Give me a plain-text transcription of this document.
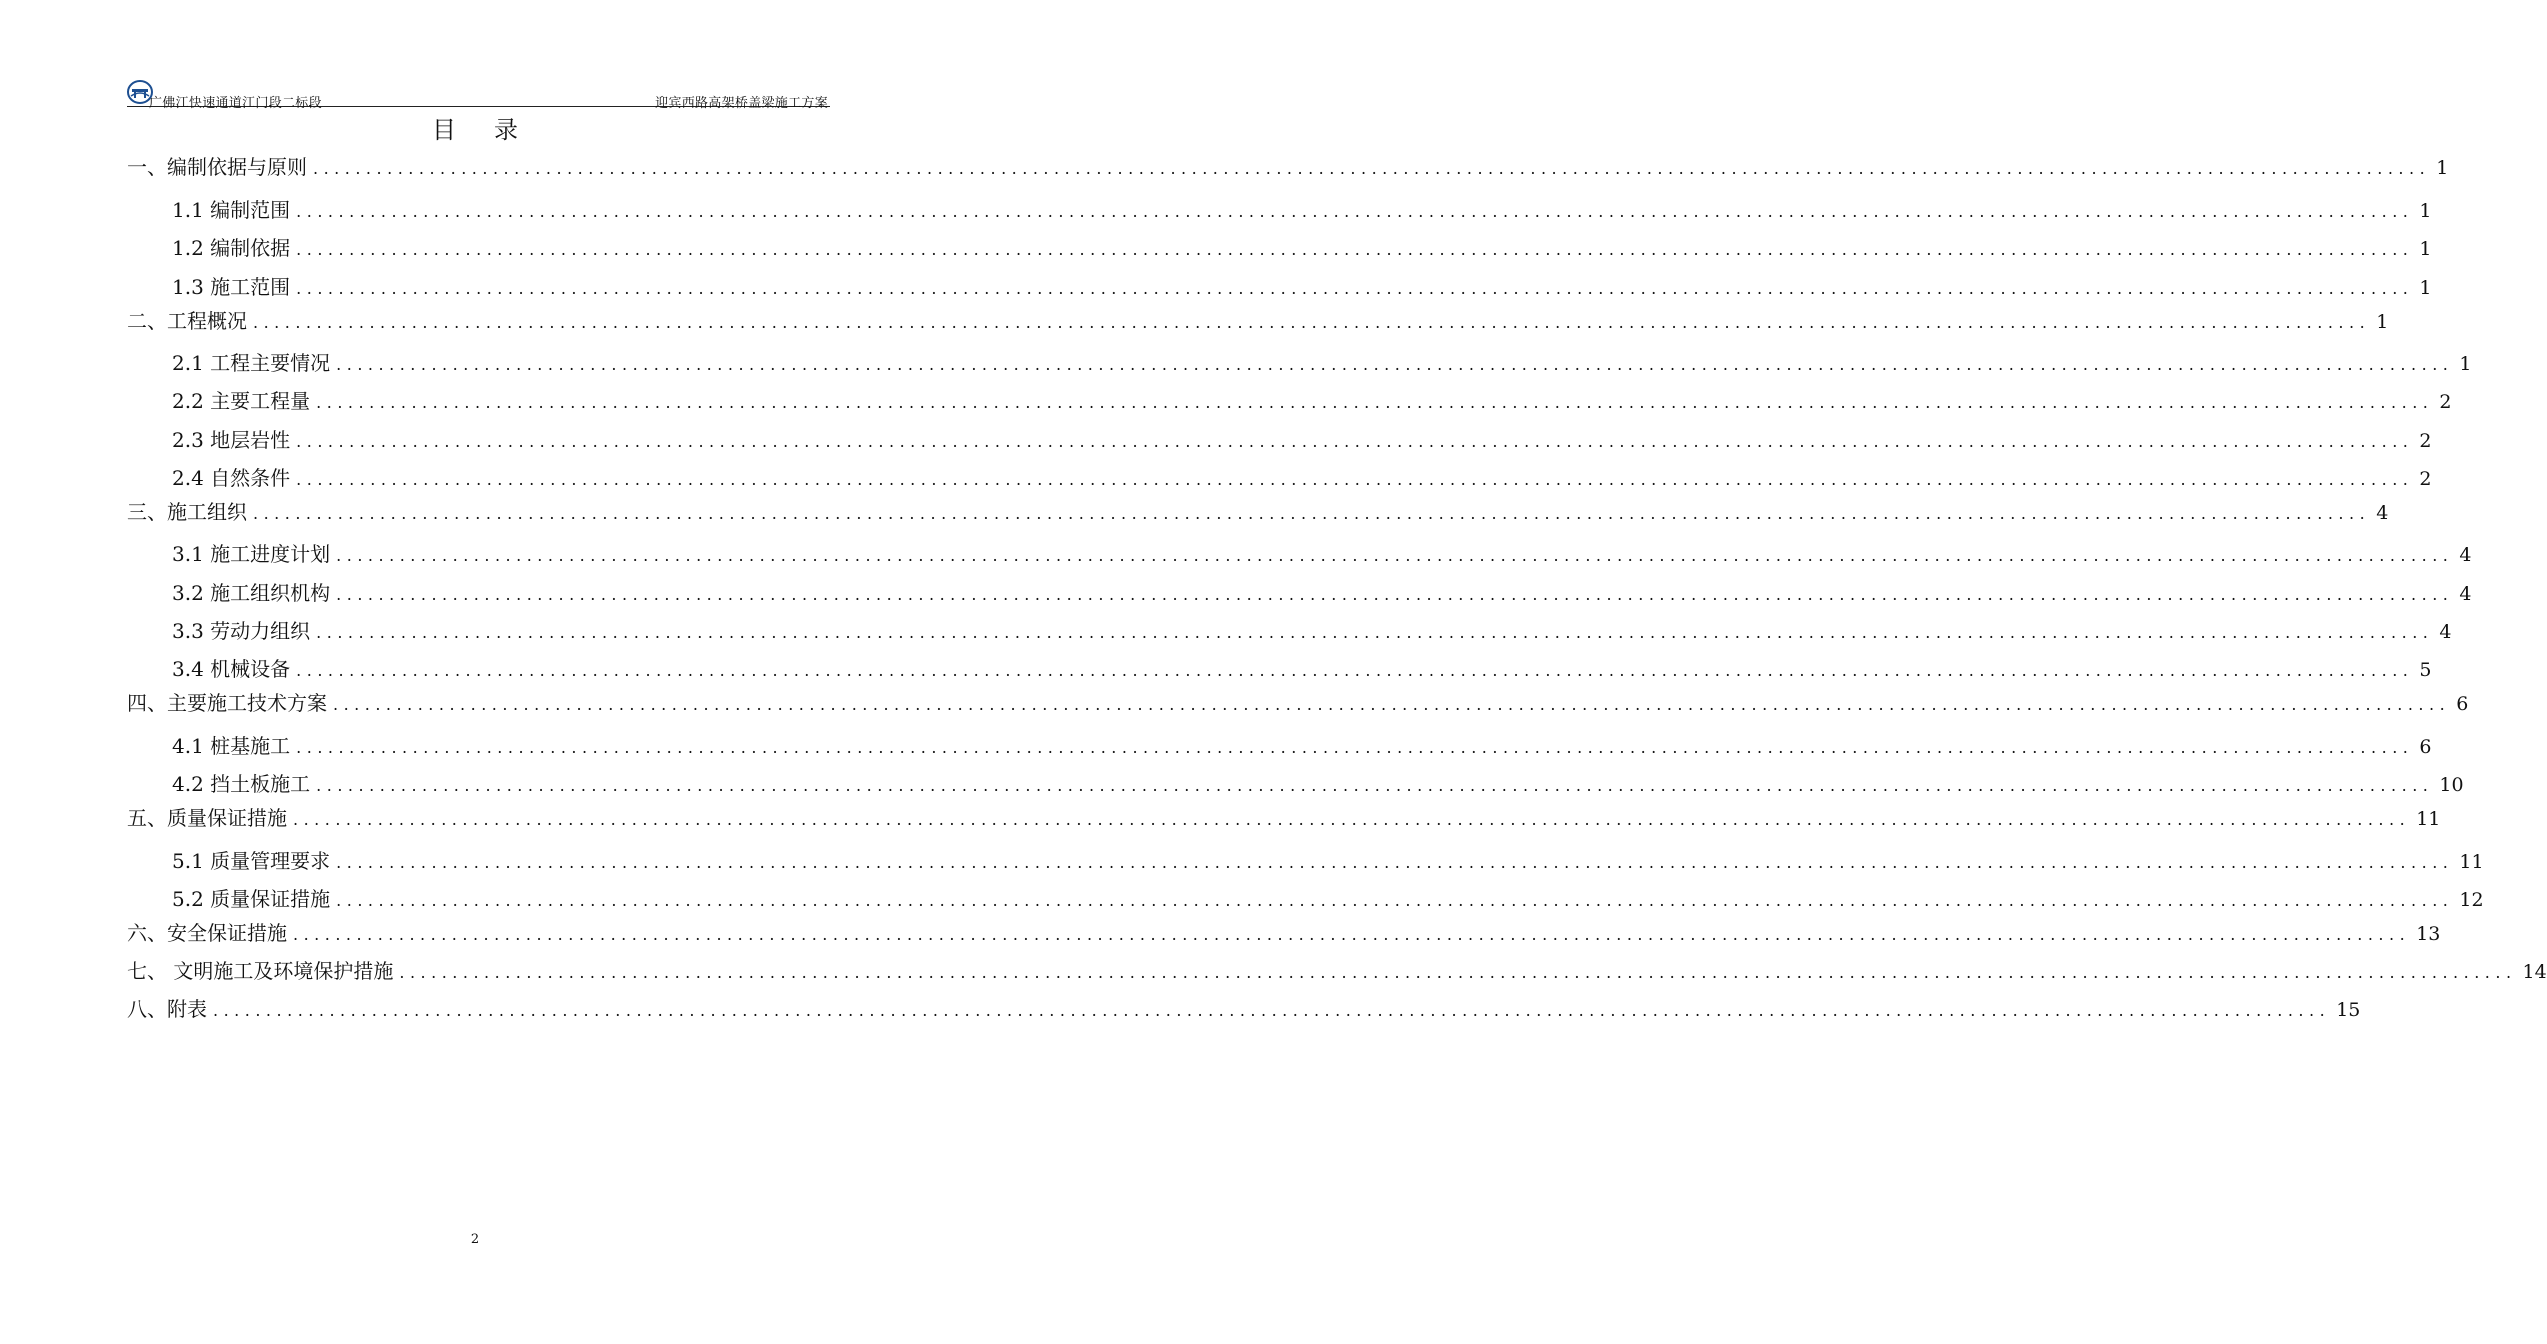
广佛江快速通道江门段二标段	迎宾西路高架桥盖梁施工方案
目录
一、编制依据与原则 ........................................................................................................................................................................................................ 1
1.1 编制范围 ........................................................................................................................................................................................................ 1
1.2 编制依据 ........................................................................................................................................................................................................ 1
1.3 施工范围 ........................................................................................................................................................................................................ 1
二、工程概况 ........................................................................................................................................................................................................ 1
2.1 工程主要情况 ........................................................................................................................................................................................................ 1
2.2 主要工程量 ........................................................................................................................................................................................................ 2
2.3 地层岩性 ........................................................................................................................................................................................................ 2
2.4 自然条件 ........................................................................................................................................................................................................ 2
三、施工组织 ........................................................................................................................................................................................................ 4
3.1 施工进度计划 ........................................................................................................................................................................................................ 4
3.2 施工组织机构 ........................................................................................................................................................................................................ 4
3.3 劳动力组织 ........................................................................................................................................................................................................ 4
3.4 机械设备 ........................................................................................................................................................................................................ 5
四、主要施工技术方案 ........................................................................................................................................................................................................ 6
4.1 桩基施工 ........................................................................................................................................................................................................ 6
4.2 挡土板施工 ........................................................................................................................................................................................................ 10
五、质量保证措施 ........................................................................................................................................................................................................ 11
5.1 质量管理要求 ........................................................................................................................................................................................................ 11
5.2 质量保证措施 ........................................................................................................................................................................................................ 12
六、安全保证措施 ........................................................................................................................................................................................................ 13
七、 文明施工及环境保护措施 ........................................................................................................................................................................................................ 14
八、附表 ........................................................................................................................................................................................................ 15
2
